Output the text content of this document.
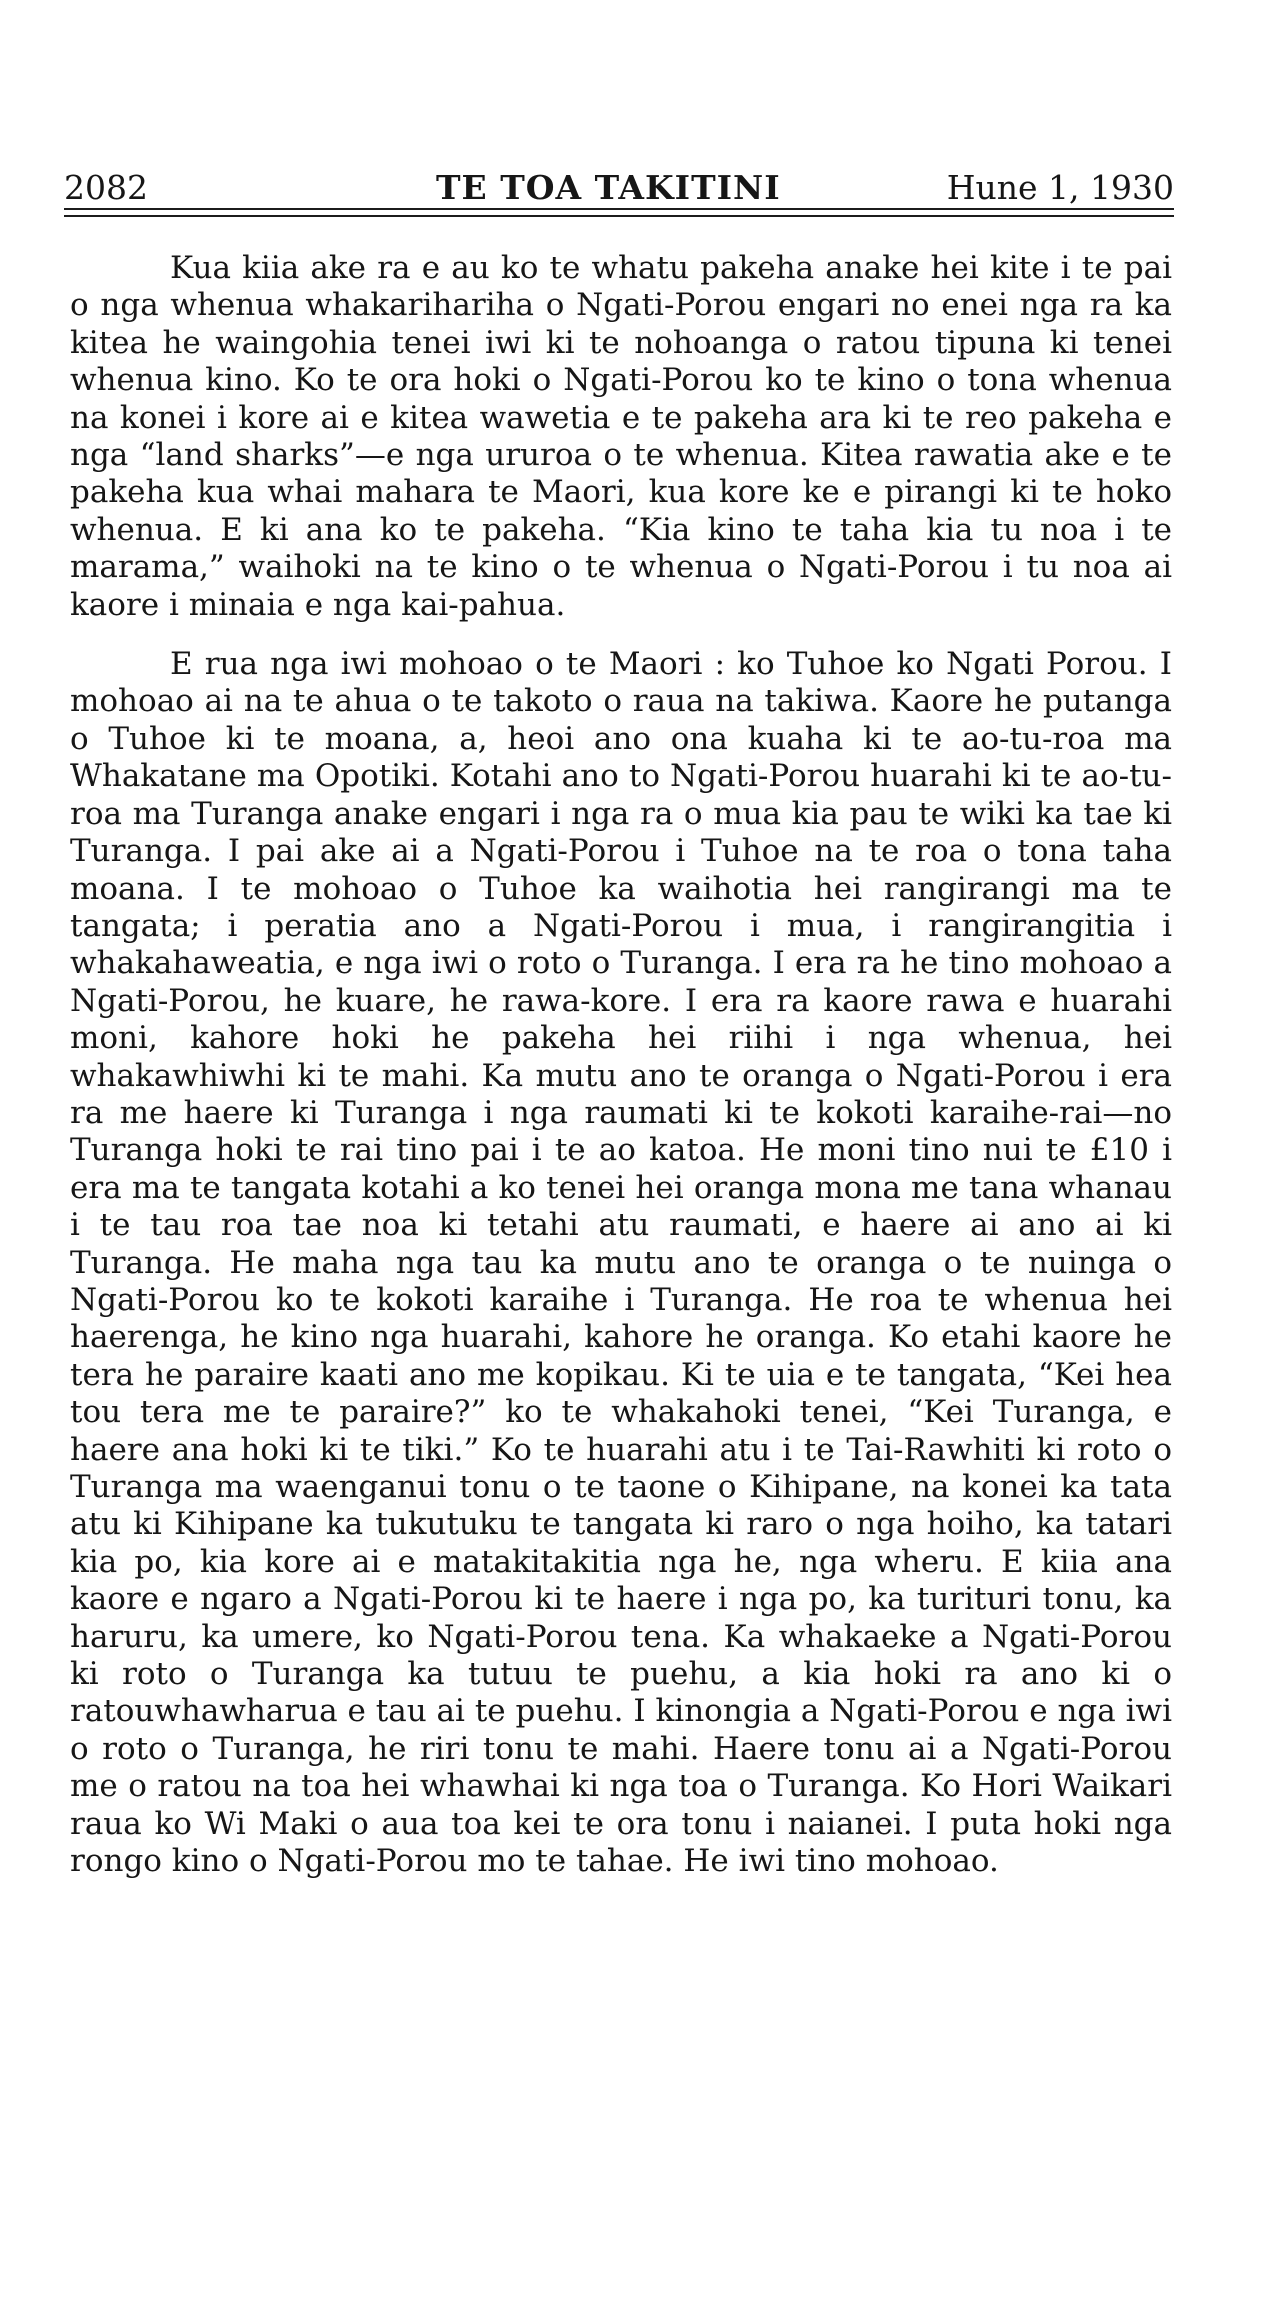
2082	TE TOA TAKITINI	Hune 1, 1930

Kua kiia ake ra e au ko te whatu pakeha anake hei kite i te pai o nga whenua whakarihariha o Ngati-Porou engari no enei nga ra ka kitea he waingohia tenei iwi ki te nohoanga o ratou tipuna ki tenei whenua kino. Ko te ora hoki o Ngati-Porou ko te kino o tona whenua na konei i kore ai e kitea wawetia e te pakeha ara ki te reo pakeha e nga “land sharks”—e nga ururoa o te whenua. Kitea rawatia ake e te pakeha kua whai mahara te Maori, kua kore ke e pirangi ki te hoko whenua. E ki ana ko te pakeha. “Kia kino te taha kia tu noa i te marama,” waihoki na te kino o te whenua o Ngati-Porou i tu noa ai kaore i minaia e nga kai-pahua.

E rua nga iwi mohoao o te Maori : ko Tuhoe ko Ngati Porou. I mohoao ai na te ahua o te takoto o raua na takiwa. Kaore he putanga o Tuhoe ki te moana, a, heoi ano ona kuaha ki te ao-tu-roa ma Whakatane ma Opotiki. Kotahi ano to Ngati-Porou huarahi ki te ao-tu-roa ma Turanga anake engari i nga ra o mua kia pau te wiki ka tae ki Turanga. I pai ake ai a Ngati-Porou i Tuhoe na te roa o tona taha moana. I te mohoao o Tuhoe ka waihotia hei rangirangi ma te tangata; i peratia ano a Ngati-Porou i mua, i rangirangitia i whakahaweatia, e nga iwi o roto o Turanga. I era ra he tino mohoao a Ngati-Porou, he kuare, he rawa-kore. I era ra kaore rawa e huarahi moni, kahore hoki he pakeha hei riihi i nga whenua, hei whakawhiwhi ki te mahi. Ka mutu ano te oranga o Ngati-Porou i era ra me haere ki Turanga i nga raumati ki te kokoti karaihe-rai—no Turanga hoki te rai tino pai i te ao katoa. He moni tino nui te £10 i era ma te tangata kotahi a ko tenei hei oranga mona me tana whanau i te tau roa tae noa ki tetahi atu raumati, e haere ai ano ai ki Turanga. He maha nga tau ka mutu ano te oranga o te nuinga o Ngati-Porou ko te kokoti karaihe i Turanga. He roa te whenua hei haerenga, he kino nga huarahi, kahore he oranga. Ko etahi kaore he tera he paraire kaati ano me kopikau. Ki te uia e te tangata, “Kei hea tou tera me te paraire?” ko te whakahoki tenei, “Kei Turanga, e haere ana hoki ki te tiki.” Ko te huarahi atu i te Tai-Rawhiti ki roto o Turanga ma waenganui tonu o te taone o Kihipane, na konei ka tata atu ki Kihipane ka tukutuku te tangata ki raro o nga hoiho, ka tatari kia po, kia kore ai e matakitakitia nga he, nga wheru. E kiia ana kaore e ngaro a Ngati-Porou ki te haere i nga po, ka turituri tonu, ka haruru, ka umere, ko Ngati-Porou tena. Ka whakaeke a Ngati-Porou ki roto o Turanga ka tutuu te puehu, a kia hoki ra ano ki o ratouwhawharua e tau ai te puehu. I kinongia a Ngati-Porou e nga iwi o roto o Turanga, he riri tonu te mahi. Haere tonu ai a Ngati-Porou me o ratou na toa hei whawhai ki nga toa o Turanga. Ko Hori Waikari raua ko Wi Maki o aua toa kei te ora tonu i naianei. I puta hoki nga rongo kino o Ngati-Porou mo te tahae. He iwi tino mohoao.
